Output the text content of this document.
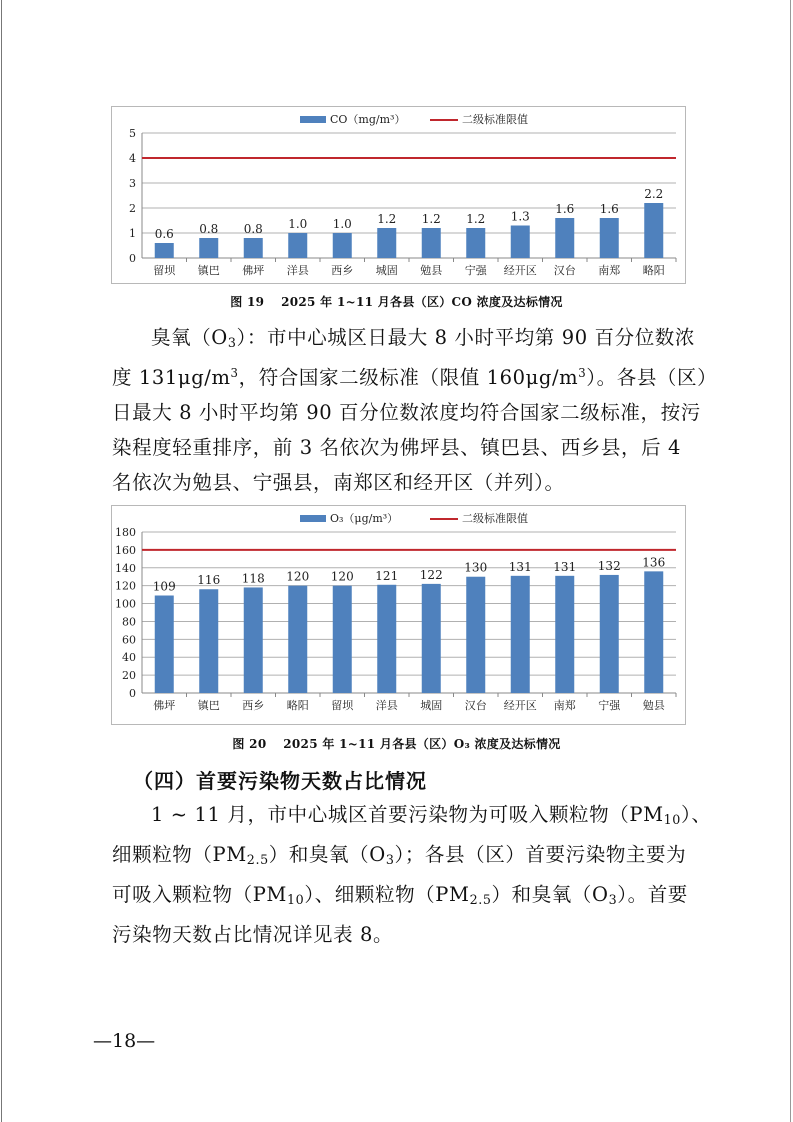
0
1
2
3
4
5
0.6
留坝
0.8
镇巴
0.8
佛坪
1.0
洋县
1.0
西乡
1.2
城固
1.2
勉县
1.2
宁强
1.3
经开区
1.6
汉台
1.6
南郑
2.2
略阳
CO（mg/m³）	二级标准限值
图 19　 2025 年 1~11 月各县（区）CO 浓度及达标情况
臭氧$(O_3)$：市中心城区日最大 8 小时平均第 90 百分位数浓
度 $131\mu g/m^3$，符合国家二级标准（限值 $160\mu g/m^3$）。各县（区）
日最大 8 小时平均第 90 百分位数浓度均符合国家二级标准，按污
染程度轻重排序，前 3 名依次为佛坪县、镇巴县、西乡县，后 4
名依次为勉县、宁强县，南郑区和经开区（并列）。
0
20
40
60
80
100
120
140
160
180
109
佛坪
116
镇巴
118
西乡
120
略阳
120
留坝
121
洋县
122
城固
130
汉台
131
经开区
131
南郑
132
宁强
136
勉县
O₃（μg/m³）	二级标准限值
图 20　 2025 年 1~11 月各县（区）O₃ 浓度及达标情况
（四）首要污染物天数占比情况
1 ~ 11 月，市中心城区首要污染物为可吸入颗粒物$(PM_{10})$、
细颗粒物$(PM_{2.5})$和臭氧$(O_3)$；各县（区）首要污染物主要为
可吸入颗粒物$(PM_{10})$、细颗粒物$(PM_{2.5})$和臭氧$(O_3)$。首要
污染物天数占比情况详见表 8。
—18—
